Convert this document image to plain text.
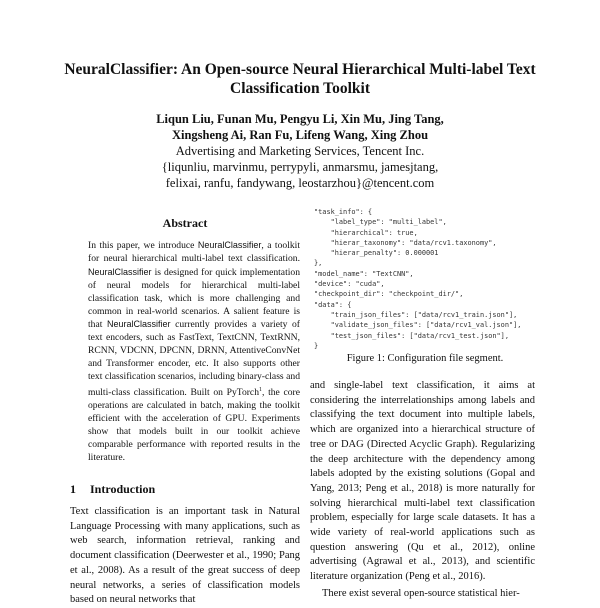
NeuralClassifier: An Open-source Neural Hierarchical Multi-label Text Classification Toolkit
Liqun Liu, Funan Mu, Pengyu Li, Xin Mu, Jing Tang,
Xingsheng Ai, Ran Fu, Lifeng Wang, Xing Zhou
Advertising and Marketing Services, Tencent Inc.
{liqunliu, marvinmu, perrypyli, anmarsmu, jamesjtang,
felixai, ranfu, fandywang, leostarzhou}@tencent.com
Abstract
In this paper, we introduce NeuralClassifier, a toolkit for neural hierarchical multi-label text classification. NeuralClassifier is designed for quick implementation of neural models for hierarchical multi-label classification task, which is more challenging and common in real-world scenarios. A salient feature is that NeuralClassifier currently provides a variety of text encoders, such as FastText, TextCNN, TextRNN, RCNN, VDCNN, DPCNN, DRNN, AttentiveConvNet and Transformer encoder, etc. It also supports other text classification scenarios, including binary-class and multi-class classification. Built on PyTorch$^1$, the core operations are calculated in batch, making the toolkit efficient with the acceleration of GPU. Experiments show that models built in our toolkit achieve comparable performance with reported results in the literature.
1 Introduction

Text classification is an important task in Natural Language Processing with many applications, such as web search, information retrieval, ranking and document classification (Deerwester et al., 1990; Pang et al., 2008). As a result of the great success of deep neural networks, a series of classification models based on neural networks that

"task_info": {
"label_type": "multi_label",
"hierarchical": true,
"hierar_taxonomy": "data/rcv1.taxonomy",
"hierar_penalty": 0.000001
},
"model_name": "TextCNN",
"device": "cuda",
"checkpoint_dir": "checkpoint_dir/",
"data": {
"train_json_files": ["data/rcv1_train.json"],
"validate_json_files": ["data/rcv1_val.json"],
"test_json_files": ["data/rcv1_test.json"],
}
Figure 1: Configuration file segment.

and single-label text classification, it aims at considering the interrelationships among labels and classifying the text document into multiple labels, which are organized into a hierarchical structure of tree or DAG (Directed Acyclic Graph). Regularizing the deep architecture with the dependency among labels adopted by the existing solutions (Gopal and Yang, 2013; Peng et al., 2018) is more naturally for solving hierarchical multi-label text classification problem, especially for large scale datasets. It has a wide variety of real-world applications such as question answering (Qu et al., 2012), online advertising (Agrawal et al., 2013), and scientific literature organization (Peng et al., 2016).

There exist several open-source statistical hier-
